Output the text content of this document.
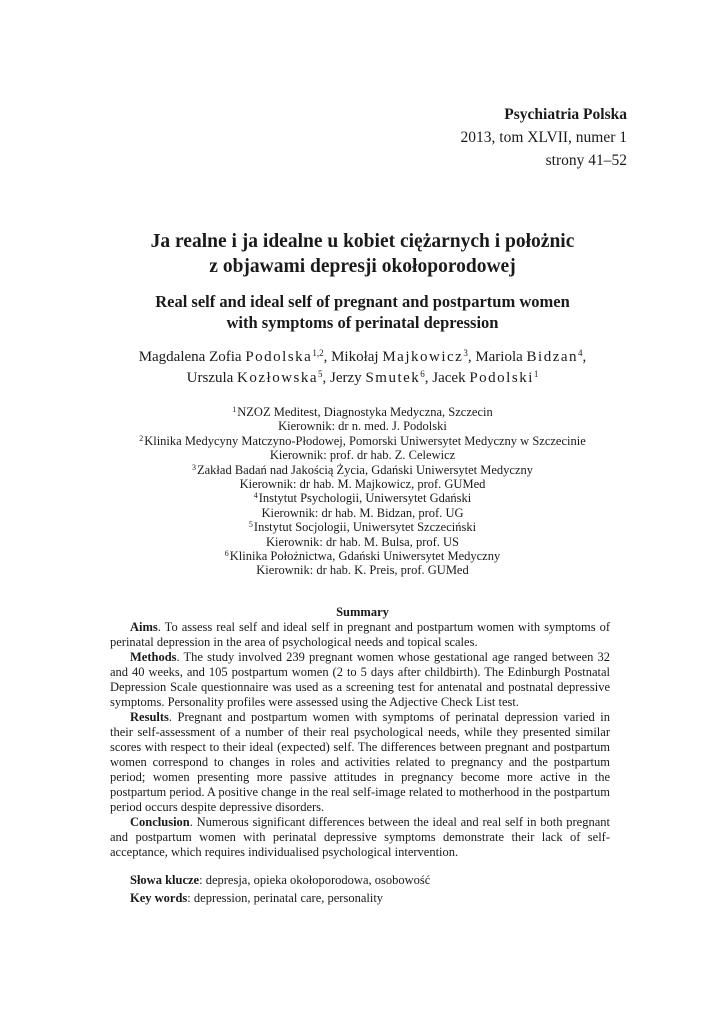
Psychiatria Polska
2013, tom XLVII, numer 1
strony 41–52
Ja realne i ja idealne u kobiet ciężarnych i położnic
z objawami depresji okołoporodowej
Real self and ideal self of pregnant and postpartum women
with symptoms of perinatal depression
Magdalena Zofia Podolska$^{1,2}$, Mikołaj Majkowicz$^3$, Mariola Bidzan$^4$,
Urszula Kozłowska$^5$, Jerzy Smutek$^6$, Jacek Podolski$^1$
$^1$NZOZ Meditest, Diagnostyka Medyczna, Szczecin
Kierownik: dr n. med. J. Podolski
$^2$Klinika Medycyny Matczyno-Płodowej, Pomorski Uniwersytet Medyczny w Szczecinie
Kierownik: prof. dr hab. Z. Celewicz
$^3$Zakład Badań nad Jakością Życia, Gdański Uniwersytet Medyczny
Kierownik: dr hab. M. Majkowicz, prof. GUMed
$^4$Instytut Psychologii, Uniwersytet Gdański
Kierownik: dr hab. M. Bidzan, prof. UG
$^5$Instytut Socjologii, Uniwersytet Szczeciński
Kierownik: dr hab. M. Bulsa, prof. US
$^6$Klinika Położnictwa, Gdański Uniwersytet Medyczny
Kierownik: dr hab. K. Preis, prof. GUMed
Summary

Aims. To assess real self and ideal self in pregnant and postpartum women with symptoms of perinatal depression in the area of psychological needs and topical scales.

Methods. The study involved 239 pregnant women whose gestational age ranged between 32 and 40 weeks, and 105 postpartum women (2 to 5 days after childbirth). The Edinburgh Postnatal Depression Scale questionnaire was used as a screening test for antenatal and postnatal depressive symptoms. Personality profiles were assessed using the Adjective Check List test.

Results. Pregnant and postpartum women with symptoms of perinatal depression varied in their self-assessment of a number of their real psychological needs, while they presented similar scores with respect to their ideal (expected) self. The differences between pregnant and postpartum women correspond to changes in roles and activities related to pregnancy and the postpartum period; women presenting more passive attitudes in pregnancy become more active in the postpartum period. A positive change in the real self-image related to motherhood in the postpartum period occurs despite depressive disorders.

Conclusion. Numerous significant differences between the ideal and real self in both pregnant and postpartum women with perinatal depressive symptoms demonstrate their lack of self-acceptance, which requires individualised psychological intervention.

Słowa klucze: depresja, opieka okołoporodowa, osobowość
Key words: depression, perinatal care, personality
